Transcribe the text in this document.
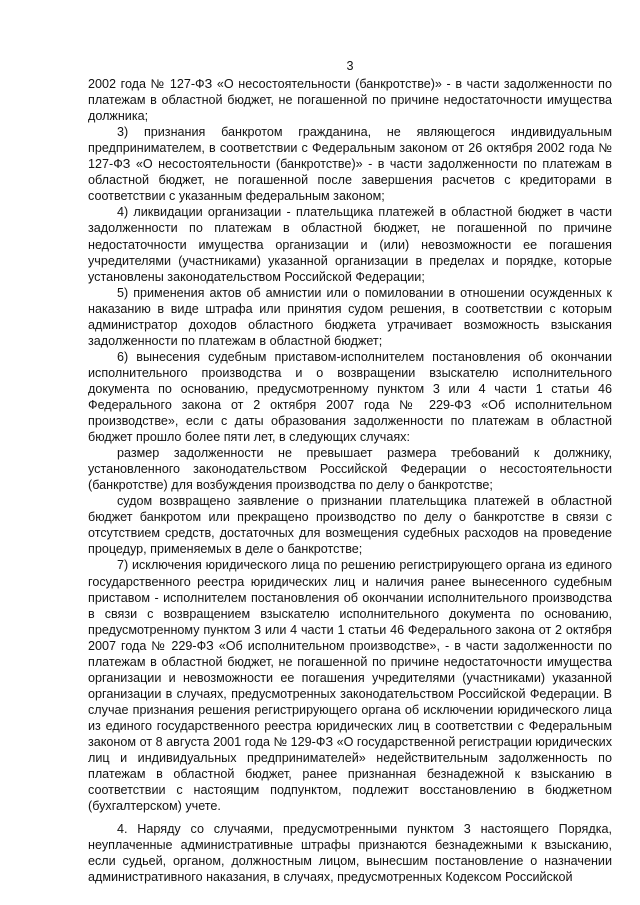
3

2002 года № 127-ФЗ «О несостоятельности (банкротстве)» - в части задолженности по платежам в областной бюджет, не погашенной по причине недостаточности имущества должника;

3) признания банкротом гражданина, не являющегося индивидуальным предпринимателем, в соответствии с Федеральным законом от 26 октября 2002 года № 127-ФЗ «О несостоятельности (банкротстве)» - в части задолженности по платежам в областной бюджет, не погашенной после завершения расчетов с кредиторами в соответствии с указанным федеральным законом;

4) ликвидации организации - плательщика платежей в областной бюджет в части задолженности по платежам в областной бюджет, не погашенной по причине недостаточности имущества организации и (или) невозможности ее погашения учредителями (участниками) указанной организации в пределах и порядке, которые установлены законодательством Российской Федерации;

5) применения актов об амнистии или о помиловании в отношении осужденных к наказанию в виде штрафа или принятия судом решения, в соответствии с которым администратор доходов областного бюджета утрачивает возможность взыскания задолженности по платежам в областной бюджет;

6) вынесения судебным приставом-исполнителем постановления об окончании исполнительного производства и о возвращении взыскателю исполнительного документа по основанию, предусмотренному пунктом 3 или 4 части 1 статьи 46 Федерального закона от 2 октября 2007 года № 229-ФЗ «Об исполнительном производстве», если с даты образования задолженности по платежам в областной бюджет прошло более пяти лет, в следующих случаях:

размер задолженности не превышает размера требований к должнику, установленного законодательством Российской Федерации о несостоятельности (банкротстве) для возбуждения производства по делу о банкротстве;

судом возвращено заявление о признании плательщика платежей в областной бюджет банкротом или прекращено производство по делу о банкротстве в связи с отсутствием средств, достаточных для возмещения судебных расходов на проведение процедур, применяемых в деле о банкротстве;

7) исключения юридического лица по решению регистрирующего органа из единого государственного реестра юридических лиц и наличия ранее вынесенного судебным приставом - исполнителем постановления об окончании исполнительного производства в связи с возвращением взыскателю исполнительного документа по основанию, предусмотренному пунктом 3 или 4 части 1 статьи 46 Федерального закона от 2 октября 2007 года № 229-ФЗ «Об исполнительном производстве», - в части задолженности по платежам в областной бюджет, не погашенной по причине недостаточности имущества организации и невозможности ее погашения учредителями (участниками) указанной организации в случаях, предусмотренных законодательством Российской Федерации. В случае признания решения регистрирующего органа об исключении юридического лица из единого государственного реестра юридических лиц в соответствии с Федеральным законом от 8 августа 2001 года № 129-ФЗ «О государственной регистрации юридических лиц и индивидуальных предпринимателей» недействительным задолженность по платежам в областной бюджет, ранее признанная безнадежной к взысканию в соответствии с настоящим подпунктом, подлежит восстановлению в бюджетном (бухгалтерском) учете.

4. Наряду со случаями, предусмотренными пунктом 3 настоящего Порядка, неуплаченные административные штрафы признаются безнадежными к взысканию, если судьей, органом, должностным лицом, вынесшим постановление о назначении административного наказания, в случаях, предусмотренных Кодексом Российской
